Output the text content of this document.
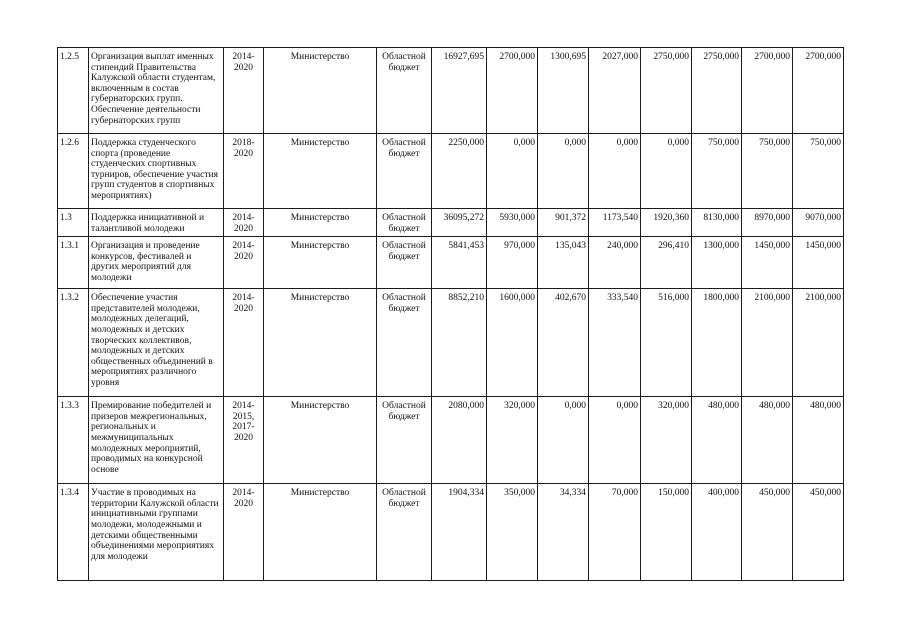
1.2.5	Организация выплат именных стипендий Правительства Калужской области студентам, включенным в состав губернаторских групп. Обеспечение деятельности губернаторских групп	2014-2020	Министерство	Областной бюджет	16927,695	2700,000	1300,695	2027,000	2750,000	2750,000	2700,000	2700,000
1.2.6	Поддержка студенческого спорта (проведение студенческих спортивных турниров, обеспечение участия групп студентов в спортивных мероприятиях)	2018-2020	Министерство	Областной бюджет	2250,000	0,000	0,000	0,000	0,000	750,000	750,000	750,000
1.3	Поддержка инициативной и талантливой молодежи	2014-2020	Министерство	Областной бюджет	36095,272	5930,000	901,372	1173,540	1920,360	8130,000	8970,000	9070,000
1.3.1	Организация и проведение конкурсов, фестивалей и других мероприятий для молодежи	2014-2020	Министерство	Областной бюджет	5841,453	970,000	135,043	240,000	296,410	1300,000	1450,000	1450,000
1.3.2	Обеспечение участия представителей молодежи, молодежных делегаций, молодежных и детских творческих коллективов, молодежных и детских общественных объединений в мероприятиях различного уровня	2014-2020	Министерство	Областной бюджет	8852,210	1600,000	402,670	333,540	516,000	1800,000	2100,000	2100,000
1.3.3	Премирование победителей и призеров межрегиональных, региональных и межмуниципальных молодежных мероприятий, проводимых на конкурсной основе	2014-2015, 2017-2020	Министерство	Областной бюджет	2080,000	320,000	0,000	0,000	320,000	480,000	480,000	480,000
1.3.4	Участие в проводимых на территории Калужской области инициативными группами молодежи, молодежными и детскими общественными объединениями мероприятиях для молодежи	2014-2020	Министерство	Областной бюджет	1904,334	350,000	34,334	70,000	150,000	400,000	450,000	450,000
